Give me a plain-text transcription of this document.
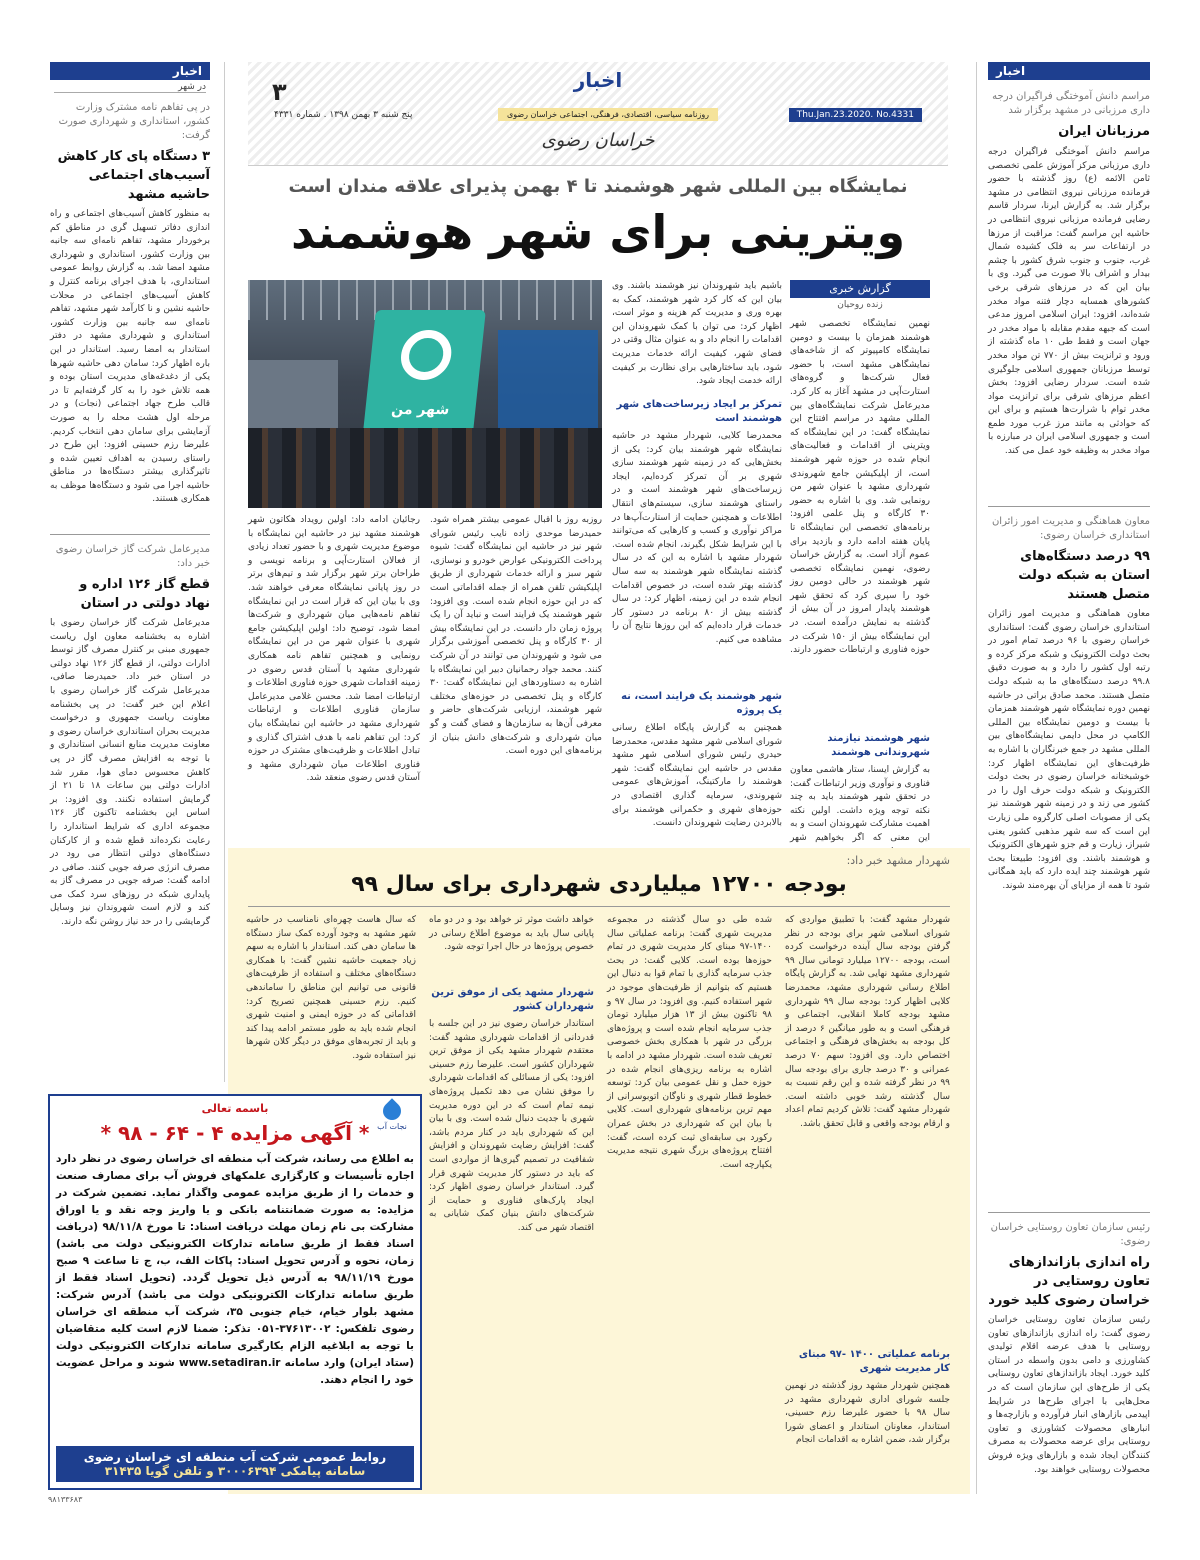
اخبار
در شهر
در پی تفاهم نامه مشترک وزارت کشور، استانداری و شهرداری صورت گرفت:
۳ دستگاه پای کار کاهش آسیب‌های اجتماعی حاشیه مشهد
به منظور کاهش آسیب‌های اجتماعی و راه اندازی دفاتر تسهیل گری در مناطق کم برخوردار مشهد، تفاهم نامه‌ای سه جانبه بین وزارت کشور، استانداری و شهرداری مشهد امضا شد. به گزارش روابط عمومی استانداری، با هدف اجرای برنامه کنترل و کاهش آسیب‌های اجتماعی در محلات حاشیه نشین و نا کارآمد شهر مشهد، تفاهم نامه‌ای سه جانبه بین وزارت کشور، استانداری و شهرداری مشهد در دفتر استاندار به امضا رسید. استاندار در این باره اظهار کرد: سامان دهی حاشیه شهرها یکی از دغدغه‌های مدیریت استان بوده و همه تلاش خود را به کار گرفته‌ایم تا در قالب طرح جهاد اجتماعی (نجات) و در مرحله اول هشت محله را به صورت آزمایشی برای سامان دهی انتخاب کردیم. علیرضا رزم حسینی افزود: این طرح در راستای رسیدن به اهداف تعیین شده و تاثیرگذاری بیشتر دستگاه‌ها در مناطق حاشیه اجرا می شود و دستگاه‌ها موظف به همکاری هستند.
مدیرعامل شرکت گاز خراسان رضوی خبر داد:
قطع گاز ۱۲۶ اداره و نهاد دولتی در استان
مدیرعامل شرکت گاز خراسان رضوی با اشاره به بخشنامه معاون اول ریاست جمهوری مبنی بر کنترل مصرف گاز توسط ادارات دولتی، از قطع گاز ۱۲۶ نهاد دولتی در استان خبر داد. حمیدرضا صافی، مدیرعامل شرکت گاز خراسان رضوی با اعلام این خبر گفت: در پی بخشنامه معاونت ریاست جمهوری و درخواست مدیریت بحران استانداری خراسان رضوی و معاونت مدیریت منابع انسانی استانداری و با توجه به افزایش مصرف گاز در پی کاهش محسوس دمای هوا، مقرر شد ادارات دولتی بین ساعات ۱۸ تا ۲۱ از گرمایش استفاده نکنند. وی افزود: بر اساس این بخشنامه تاکنون گاز ۱۲۶ مجموعه اداری که شرایط استاندارد را رعایت نکرده‌اند قطع شده و از کارکنان دستگاه‌های دولتی انتظار می رود در مصرف انرژی صرفه جویی کنند. صافی در ادامه گفت: صرفه جویی در مصرف گاز به پایداری شبکه در روزهای سرد کمک می کند و لازم است شهروندان نیز وسایل گرمایشی را در حد نیاز روشن نگه دارند.
اخبار
۳
پنج شنبه ۳ بهمن ۱۳۹۸ . شماره ۴۳۳۱	روزنامه سیاسی، اقتصادی، فرهنگی، اجتماعی خراسان رضوی	Thu.Jan.23.2020. No.4331
خراسان رضوی
نمایشگاه بین المللی شهر هوشمند تا ۴ بهمن پذیرای علاقه مندان است
ویترینی برای شهر هوشمند
گزارش خبری
زنده روحیان
شهر من
نهمین نمایشگاه تخصصی شهر هوشمند همزمان با بیست و دومین نمایشگاه کامپیوتر که از شاخه‌های نمایشگاهی مشهد است، با حضور فعال شرکت‌ها و گروه‌های استارت‌آپی در مشهد آغاز به کار کرد. مدیرعامل شرکت نمایشگاه‌های بین المللی مشهد در مراسم افتتاح این نمایشگاه گفت: در این نمایشگاه که ویترینی از اقدامات و فعالیت‌های انجام شده در حوزه شهر هوشمند است، از اپلیکیشن جامع شهروندی شهرداری مشهد با عنوان شهر من رونمایی شد. وی با اشاره به حضور ۳۰ کارگاه و پنل علمی افزود: برنامه‌های تخصصی این نمایشگاه تا پایان هفته ادامه دارد و بازدید برای عموم آزاد است. به گزارش خراسان رضوی، نهمین نمایشگاه تخصصی شهر هوشمند در حالی دومین روز خود را سپری کرد که تحقق شهر هوشمند پایدار امروز در آن بیش از گذشته به نمایش درآمده است. در این نمایشگاه بیش از ۱۵۰ شرکت در حوزه فناوری و ارتباطات حضور دارند.
شهر هوشمند نیازمند شهروندانی هوشمند
به گزارش ایسنا، ستار هاشمی معاون فناوری و نوآوری وزیر ارتباطات گفت: در تحقق شهر هوشمند باید به چند نکته توجه ویژه داشت. اولین نکته اهمیت مشارکت شهروندان است و به این معنی که اگر بخواهیم شهر
باشیم باید شهروندان نیز هوشمند باشند. وی بیان این که کار کرد شهر هوشمند، کمک به بهره وری و مدیریت کم هزینه و موثر است، اظهار کرد: می توان با کمک شهروندان این اقدامات را انجام داد و به عنوان مثال وقتی در فضای شهر، کیفیت ارائه خدمات مدیریت شود، باید ساختارهایی برای نظارت بر کیفیت ارائه خدمت ایجاد شود.
تمرکز بر ایجاد زیرساخت‌های شهر هوشمند است
محمدرضا کلایی، شهردار مشهد در حاشیه نمایشگاه شهر هوشمند بیان کرد: یکی از بخش‌هایی که در زمینه شهر هوشمند سازی شهری بر آن تمرکز کرده‌ایم، ایجاد زیرساخت‌های شهر هوشمند است و در راستای هوشمند سازی، سیستم‌های انتقال اطلاعات و همچنین حمایت از استارت‌آپ‌ها در مراکز نوآوری و کسب و کارهایی که می‌توانند با این شرایط شکل بگیرند، انجام شده است. شهردار مشهد با اشاره به این که در سال گذشته نمایشگاه شهر هوشمند به سه سال گذشته بهتر شده است، در خصوص اقدامات انجام شده در این زمینه، اظهار کرد: در سال گذشته بیش از ۸۰ برنامه در دستور کار خدمات قرار داده‌ایم که این روزها نتایج آن را مشاهده می کنیم.
شهر هوشمند یک فرایند است، نه یک پروژه
همچنین به گزارش پایگاه اطلاع رسانی شورای اسلامی شهر مشهد مقدس، محمدرضا حیدری رئیس شورای اسلامی شهر مشهد مقدس در حاشیه این نمایشگاه گفت: شهر هوشمند را مارکتینگ، آموزش‌های عمومی شهروندی، سرمایه گذاری اقتصادی در حوزه‌های شهری و حکمرانی هوشمند برای بالابردن رضایت شهروندان دانست.
روزبه روز با اقبال عمومی بیشتر همراه شود. حمیدرضا موحدی زاده نایب رئیس شورای شهر نیز در حاشیه این نمایشگاه گفت: شیوه پرداخت الکترونیکی عوارض خودرو و نوسازی، شهر سبز و ارائه خدمات شهرداری از طریق اپلیکیشن تلفن همراه از جمله اقداماتی است که در این حوزه انجام شده است. وی افزود: شهر هوشمند یک فرایند است و نباید آن را یک پروژه زمان دار دانست. در این نمایشگاه بیش از ۳۰ کارگاه و پنل تخصصی آموزشی برگزار می شود و شهروندان می توانند در آن شرکت کنند. محمد جواد رحمانیان دبیر این نمایشگاه با اشاره به دستاوردهای این نمایشگاه گفت: ۳۰ کارگاه و پنل تخصصی در حوزه‌های مختلف شهر هوشمند، ارزیابی شرکت‌های حاضر و معرفی آن‌ها به سازمان‌ها و فضای گفت و گو میان شهرداری و شرکت‌های دانش بنیان از برنامه‌های این دوره است.
رجائیان ادامه داد: اولین رویداد هکاتون شهر هوشمند مشهد نیز در حاشیه این نمایشگاه با موضوع مدیریت شهری و با حضور تعداد زیادی از فعالان استارت‌آپی و برنامه نویسی و طراحان برتر شهر برگزار شد و تیم‌های برتر در روز پایانی نمایشگاه معرفی خواهند شد. وی با بیان این که قرار است در این نمایشگاه تفاهم نامه‌هایی میان شهرداری و شرکت‌ها امضا شود، توضیح داد: اولین اپلیکیشن جامع شهری با عنوان شهر من در این نمایشگاه رونمایی و همچنین تفاهم نامه همکاری شهرداری مشهد با آستان قدس رضوی در زمینه اقدامات شهری حوزه فناوری اطلاعات و ارتباطات امضا شد. محسن غلامی مدیرعامل سازمان فناوری اطلاعات و ارتباطات شهرداری مشهد در حاشیه این نمایشگاه بیان کرد: این تفاهم نامه با هدف اشتراک گذاری و تبادل اطلاعات و ظرفیت‌های مشترک در حوزه فناوری اطلاعات میان شهرداری مشهد و آستان قدس رضوی منعقد شد.
شهردار مشهد خبر داد:
بودجه ۱۲۷۰۰ میلیاردی شهرداری برای سال ۹۹
شهردار مشهد گفت: با تطبیق مواردی که شورای اسلامی شهر برای بودجه در نظر گرفتن بودجه سال آینده درخواست کرده است، بودجه ۱۲۷۰۰ میلیارد تومانی سال ۹۹ شهرداری مشهد نهایی شد. به گزارش پایگاه اطلاع رسانی شهرداری مشهد، محمدرضا کلایی اظهار کرد: بودجه سال ۹۹ شهرداری مشهد بودجه کاملا انقلابی، اجتماعی و فرهنگی است و به طور میانگین ۶ درصد از کل بودجه به بخش‌های فرهنگی و اجتماعی اختصاص دارد. وی افزود: سهم ۷۰ درصد عمرانی و ۳۰ درصد جاری برای بودجه سال ۹۹ در نظر گرفته شده و این رقم نسبت به سال گذشته رشد خوبی داشته است. شهردار مشهد گفت: تلاش کردیم تمام اعداد و ارقام بودجه واقعی و قابل تحقق باشد.
برنامه عملیاتی ۱۴۰۰ -۹۷ مبنای کار مدیریت شهری
همچنین شهردار مشهد روز گذشته در نهمین جلسه شورای اداری شهرداری مشهد در سال ۹۸ با حضور علیرضا رزم حسینی، استاندار، معاونان استاندار و اعضای شورا برگزار شد، ضمن اشاره به اقدامات انجام
شده طی دو سال گذشته در مجموعه مدیریت شهری گفت: برنامه عملیاتی سال ۱۴۰۰-۹۷ مبنای کار مدیریت شهری در تمام حوزه‌ها بوده است. کلایی گفت: در بحث جذب سرمایه گذاری با تمام قوا به دنبال این هستیم که بتوانیم از ظرفیت‌های موجود در شهر استفاده کنیم. وی افزود: در سال ۹۷ و ۹۸ تاکنون بیش از ۱۳ هزار میلیارد تومان جذب سرمایه انجام شده است و پروژه‌های بزرگی در شهر با همکاری بخش خصوصی تعریف شده است. شهردار مشهد در ادامه با اشاره به برنامه ریزی‌های انجام شده در حوزه حمل و نقل عمومی بیان کرد: توسعه خطوط قطار شهری و ناوگان اتوبوسرانی از مهم ترین برنامه‌های شهرداری است. کلایی با بیان این که شهرداری در بخش عمران رکورد بی سابقه‌ای ثبت کرده است، گفت: افتتاح پروژه‌های بزرگ شهری نتیجه مدیریت یکپارچه است.
خواهد داشت موثر تر خواهد بود و در دو ماه پایانی سال باید به موضوع اطلاع رسانی در خصوص پروژه‌ها در حال اجرا توجه شود.
شهردار مشهد یکی از موفق ترین شهرداران کشور
استاندار خراسان رضوی نیز در این جلسه با قدردانی از اقدامات شهرداری مشهد گفت: معتقدم شهردار مشهد یکی از موفق ترین شهرداران کشور است. علیرضا رزم حسینی افزود: یکی از مسائلی که اقدامات شهرداری را موفق نشان می دهد تکمیل پروژه‌های نیمه تمام است که در این دوره مدیریت شهری با جدیت دنبال شده است. وی با بیان این که شهرداری باید در کنار مردم باشد، گفت: افزایش رضایت شهروندان و افزایش شفافیت در تصمیم گیری‌ها از مواردی است که باید در دستور کار مدیریت شهری قرار گیرد. استاندار خراسان رضوی اظهار کرد: ایجاد پارک‌های فناوری و حمایت از شرکت‌های دانش بنیان کمک شایانی به اقتصاد شهر می کند.
که سال هاست چهره‌ای نامناسب در حاشیه شهر مشهد به وجود آورده کمک ساز دستگاه ها سامان دهی کند. استاندار با اشاره به سهم زیاد جمعیت حاشیه نشین گفت: با همکاری دستگاه‌های مختلف و استفاده از ظرفیت‌های قانونی می توانیم این مناطق را ساماندهی کنیم. رزم حسینی همچنین تصریح کرد: اقداماتی که در حوزه ایمنی و امنیت شهری انجام شده باید به طور مستمر ادامه پیدا کند و باید از تجربه‌های موفق در دیگر کلان شهرها نیز استفاده شود.
نجات آب
باسمه تعالی
* آگهی مزایده ۴ - ۶۴ - ۹۸ *
به اطلاع می رساند، شرکت آب منطقه ای خراسان رضوی در نظر دارد اجاره تأسیسات و کارگزاری علمکهای فروش آب برای مصارف صنعت و خدمات را از طریق مزایده عمومی واگذار نماید. تضمین شرکت در مزایده: به صورت ضمانتنامه بانکی و یا واریز وجه نقد و یا اوراق مشارکت بی نام زمان مهلت دریافت اسناد: تا مورخ ۹۸/۱۱/۸ (دریافت اسناد فقط از طریق سامانه تدارکات الکترونیکی دولت می باشد) زمان، نحوه و آدرس تحویل اسناد: پاکات الف، ب، ج تا ساعت ۹ صبح مورخ ۹۸/۱۱/۱۹ به آدرس ذیل تحویل گردد. (تحویل اسناد فقط از طریق سامانه تدارکات الکترونیکی دولت می باشد) آدرس شرکت: مشهد بلوار خیام، خیام جنوبی ۳۵، شرکت آب منطقه ای خراسان رضوی تلفکس: ۳۷۶۱۳۰۰۲-۰۵۱ تذکر: ضمنا لازم است کلیه متقاضیان با توجه به ابلاغیه الزام بکارگیری سامانه تدارکات الکترونیکی دولت (ستاد ایران) وارد سامانه www.setadiran.ir شوند و مراحل عضویت خود را انجام دهند.
روابط عمومی شرکت آب منطقه ای خراسان رضوی
سامانه پیامکی ۳۰۰۰۶۳۹۴ و تلفن گویا ۳۱۴۳۵
۹۸۱۳۳۶۸۳
اخبار
مراسم دانش آموختگی فراگیران درجه داری مرزبانی در مشهد برگزار شد
مرزبانان ایران
مراسم دانش آموختگی فراگیران درجه داری مرزبانی مرکز آموزش علمی تخصصی ثامن الائمه (ع) روز گذشته با حضور فرمانده مرزبانی نیروی انتظامی در مشهد برگزار شد. به گزارش ایرنا، سردار قاسم رضایی فرمانده مرزبانی نیروی انتظامی در حاشیه این مراسم گفت: مراقبت از مرزها در ارتفاعات سر به فلک کشیده شمال غرب، جنوب و جنوب شرق کشور با چشم بیدار و اشراف بالا صورت می گیرد. وی با بیان این که در مرزهای شرقی برخی کشورهای همسایه دچار فتنه مواد مخدر شده‌اند، افزود: ایران اسلامی امروز مدعی است که جبهه مقدم مقابله با مواد مخدر در جهان است و فقط طی ۱۰ ماه گذشته از ورود و ترانزیت بیش از ۷۷۰ تن مواد مخدر توسط مرزبانان جمهوری اسلامی جلوگیری شده است. سردار رضایی افزود: بخش اعظم مرزهای شرقی برای ترانزیت مواد مخدر توام با شرارت‌ها هستیم و برای این که حوادثی به مانند مرز غرب مورد طمع است و جمهوری اسلامی ایران در مبارزه با مواد مخدر به وظیفه خود عمل می کند.
معاون هماهنگی و مدیریت امور زائران استانداری خراسان رضوی:
۹۹ درصد دستگاه‌های استان به شبکه دولت متصل هستند
معاون هماهنگی و مدیریت امور زائران استانداری خراسان رضوی گفت: استانداری خراسان رضوی با ۹۶ درصد تمام امور در بحث دولت الکترونیک و شبکه مرکز کرده و رتبه اول کشور را دارد و به صورت دقیق ۹۹.۸ درصد دستگاه‌های ما به شبکه دولت متصل هستند. محمد صادق براتی در حاشیه نهمین دوره نمایشگاه شهر هوشمند همزمان با بیست و دومین نمایشگاه بین المللی الکامپ در محل دایمی نمایشگاه‌های بین المللی مشهد در جمع خبرنگاران با اشاره به ظرفیت‌های این نمایشگاه اظهار کرد: خوشبختانه خراسان رضوی در بحث دولت الکترونیک و شبکه دولت حرف اول را در کشور می زند و در زمینه شهر هوشمند نیز یکی از مصوبات اصلی کارگروه ملی زیارت این است که سه شهر مذهبی کشور یعنی شیراز، زیارت و قم جزو شهرهای الکترونیک و هوشمند باشند. وی افزود: طبیعتا بحث شهر هوشمند چند ایده دارد که باید همگانی شود تا همه از مزایای آن بهره‌مند شوند.
رئیس سازمان تعاون روستایی خراسان رضوی:
راه اندازی بازاندازهای تعاون روستایی در خراسان رضوی کلید خورد
رئیس سازمان تعاون روستایی خراسان رضوی گفت: راه اندازی بازاندازهای تعاون روستایی با هدف عرضه اقلام تولیدی کشاورزی و دامی بدون واسطه در استان کلید خورد. ایجاد بازاندازهای تعاون روستایی یکی از طرح‌های این سازمان است که در محل‌هایی با اجرای طرح‌ها در شرایط اپیدمی بازارهای انبار فرآورده و بازارچه‌ها و انبارهای محصولات کشاورزی و تعاون روستایی برای عرضه محصولات به مصرف کنندگان ایجاد شده و بازارهای ویژه فروش محصولات روستایی خواهند بود.
